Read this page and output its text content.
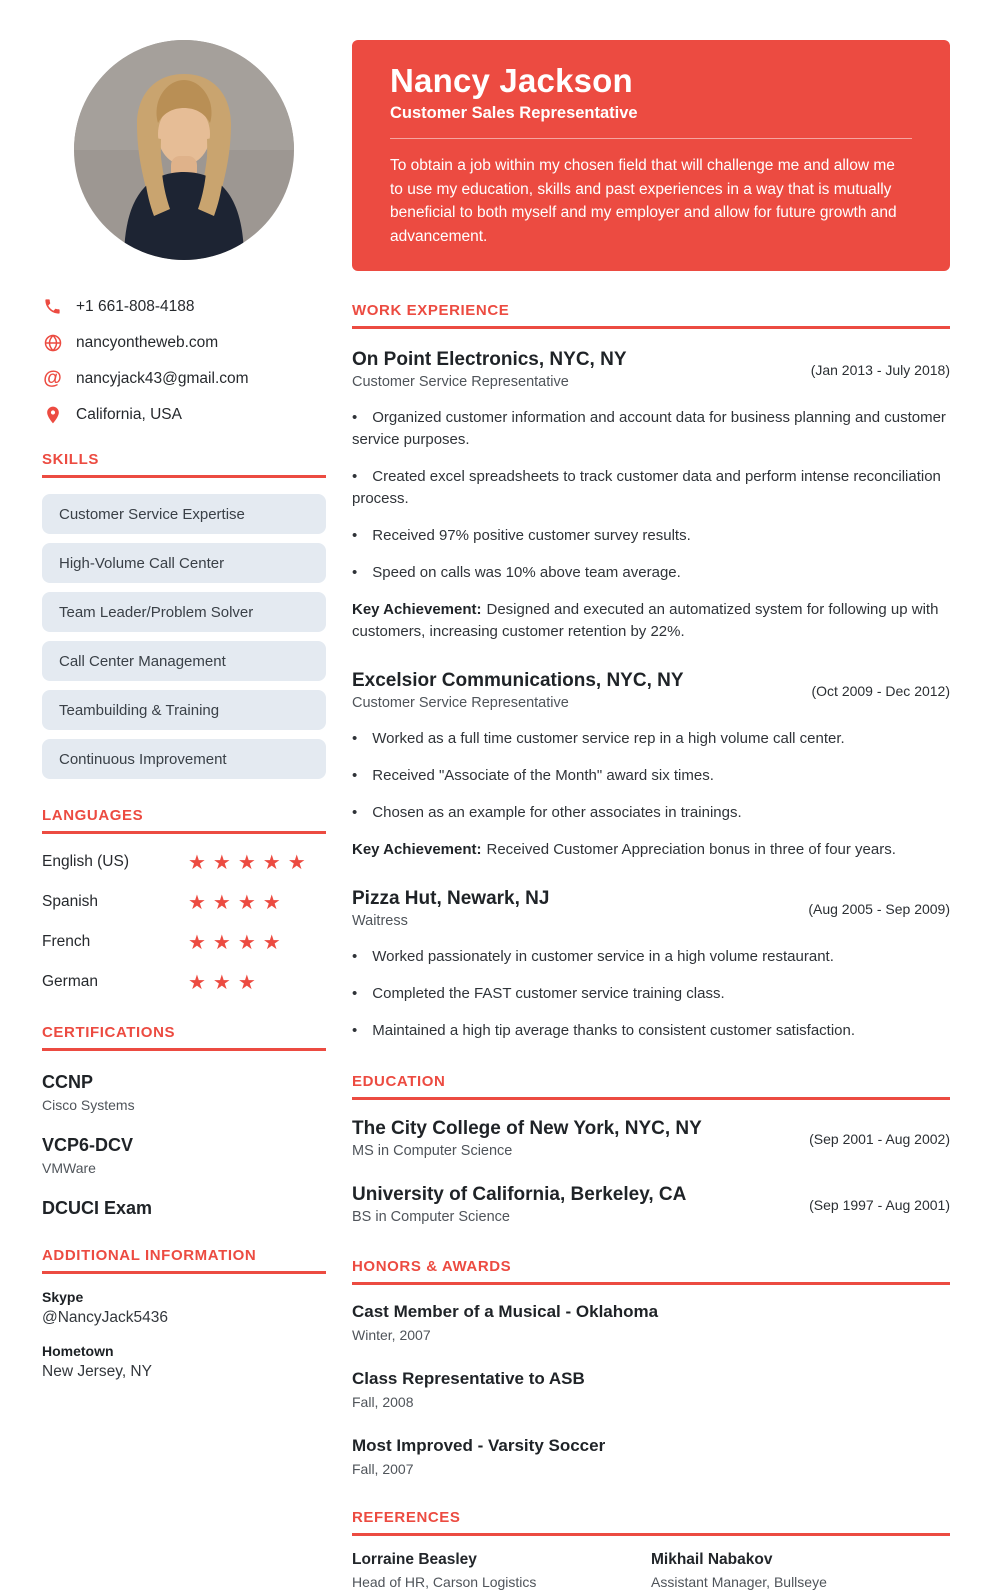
+1 661-808-4188
nancyontheweb.com
@ nancyjack43@gmail.com
California, USA
SKILLS
Customer Service Expertise
High-Volume Call Center
Team Leader/Problem Solver
Call Center Management
Teambuilding & Training
Continuous Improvement
LANGUAGES
English (US)	★★★★★
Spanish	★★★★
French	★★★★
German	★★★
CERTIFICATIONS
CCNP
Cisco Systems
VCP6-DCV
VMWare
DCUCI Exam
ADDITIONAL INFORMATION
Skype
@NancyJack5436
Hometown
New Jersey, NY
Nancy Jackson
Customer Sales Representative
To obtain a job within my chosen field that will challenge me and allow me to use my education, skills and past experiences in a way that is mutually beneficial to both myself and my employer and allow for future growth and advancement.
WORK EXPERIENCE
On Point Electronics, NYC, NY
Customer Service Representative
(Jan 2013 - July 2018)

• Organized customer information and account data for business planning and customer service purposes.

• Created excel spreadsheets to track customer data and perform intense reconciliation process.

• Received 97% positive customer survey results.

• Speed on calls was 10% above team average.

Key Achievement: Designed and executed an automatized system for following up with customers, increasing customer retention by 22%.

Excelsior Communications, NYC, NY
Customer Service Representative
(Oct 2009 - Dec 2012)

• Worked as a full time customer service rep in a high volume call center.

• Received "Associate of the Month" award six times.

• Chosen as an example for other associates in trainings.

Key Achievement: Received Customer Appreciation bonus in three of four years.

Pizza Hut, Newark, NJ
Waitress
(Aug 2005 - Sep 2009)

• Worked passionately in customer service in a high volume restaurant.

• Completed the FAST customer service training class.

• Maintained a high tip average thanks to consistent customer satisfaction.

EDUCATION
The City College of New York, NYC, NY
MS in Computer Science
(Sep 2001 - Aug 2002)
University of California, Berkeley, CA
BS in Computer Science
(Sep 1997 - Aug 2001)
HONORS & AWARDS
Cast Member of a Musical - Oklahoma
Winter, 2007
Class Representative to ASB
Fall, 2008
Most Improved - Varsity Soccer
Fall, 2007
REFERENCES
Lorraine Beasley
Head of HR, Carson Logistics
Mikhail Nabakov
Assistant Manager, Bullseye
